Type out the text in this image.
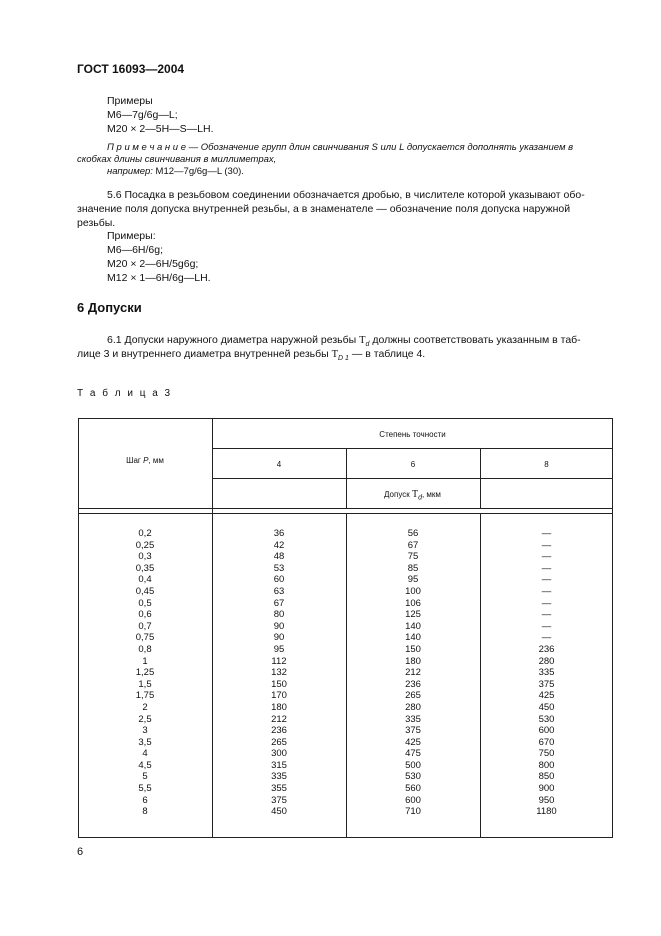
ГОСТ 16093—2004
Примеры
M6—7g/6g—L;
M20 × 2—5H—S—LH.
П р и м е ч а н и е — Обозначение групп длин свинчивания S или L допускается дополнять указанием в
скобках длины свинчивания в миллиметрах,
например: M12—7g/6g—L (30).
5.6 Посадка в резьбовом соединении обозначается дробью, в числителе которой указывают обо-
значение поля допуска внутренней резьбы, а в знаменателе — обозначение поля допуска наружной
резьбы.
Примеры:
M6—6H/6g;
M20 × 2—6H/5g6g;
M12 × 1—6H/6g—LH.
6 Допуски
6.1 Допуски наружного диаметра наружной резьбы $T_d$ должны соответствовать указанным в таб-
лице 3 и внутреннего диаметра внутренней резьбы $T_{D 1}$ — в таблице 4.
Т а б л и ц а 3
Шаг P, мм
Степень точности
4	6	8
Допуск Td, мкм
0,2
0,25
0,3
0,35
0,4
0,45
0,5
0,6
0,7
0,75
0,8
1
1,25
1,5
1,75
2
2,5
3
3,5
4
4,5
5
5,5
6
8
36
42
48
53
60
63
67
80
90
90
95
112
132
150
170
180
212
236
265
300
315
335
355
375
450
56
67
75
85
95
100
106
125
140
140
150
180
212
236
265
280
335
375
425
475
500
530
560
600
710
—
—
—
—
—
—
—
—
—
—
236
280
335
375
425
450
530
600
670
750
800
850
900
950
1180
6
